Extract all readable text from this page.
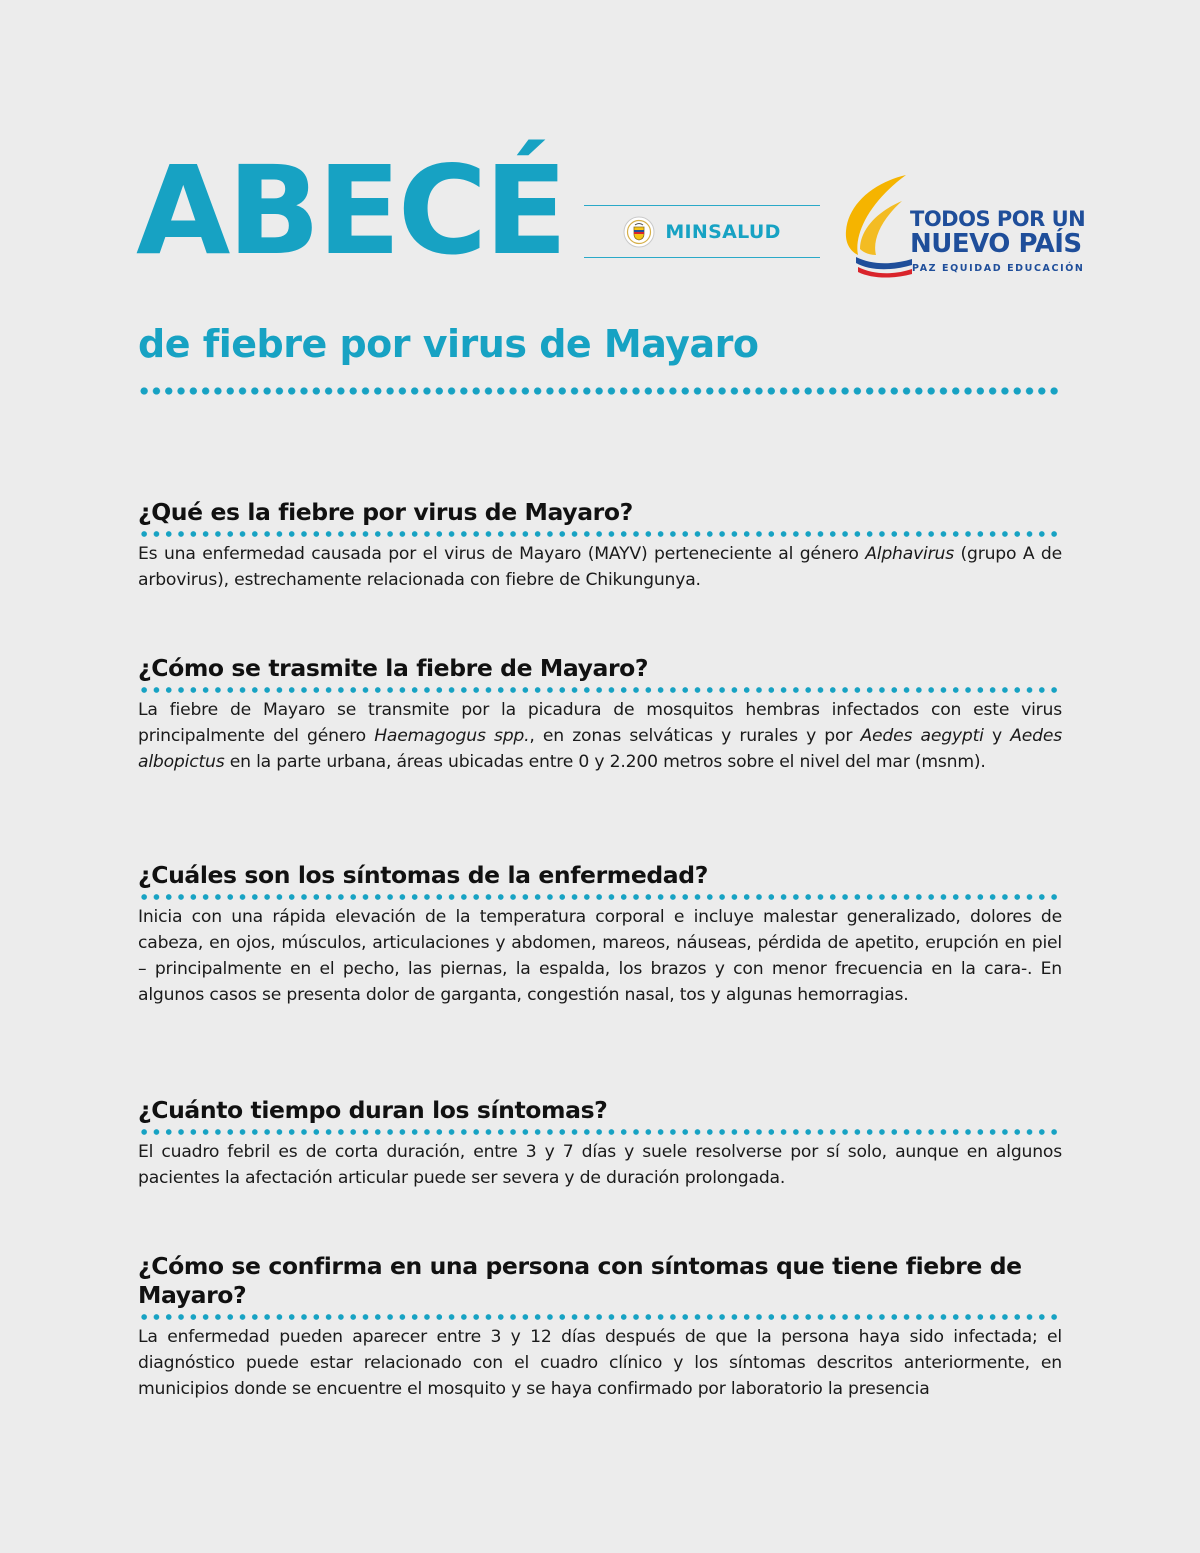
ABECÉ	MINSALUD
TODOS POR UN
NUEVO PAÍS
PAZ EQUIDAD EDUCACIÓN
de fiebre por virus de Mayaro
¿Qué es la fiebre por virus de Mayaro?

Es una enfermedad causada por el virus de Mayaro (MAYV) perteneciente al género Alphavirus (grupo A de arbovirus), estrechamente relacionada con fiebre de Chikungunya.

¿Cómo se trasmite la fiebre de Mayaro?

La fiebre de Mayaro se transmite por la picadura de mosquitos hembras infectados con este virus principalmente del género Haemagogus spp., en zonas selváticas y rurales y por Aedes aegypti y Aedes albopictus en la parte urbana, áreas ubicadas entre 0 y 2.200 metros sobre el nivel del mar (msnm).

¿Cuáles son los síntomas de la enfermedad?

Inicia con una rápida elevación de la temperatura corporal e incluye malestar generalizado, dolores de cabeza, en ojos, músculos, articulaciones y abdomen, mareos, náuseas, pérdida de apetito, erupción en piel – principalmente en el pecho, las piernas, la espalda, los brazos y con menor frecuencia en la cara-. En algunos casos se presenta dolor de garganta, congestión nasal, tos y algunas hemorragias.

¿Cuánto tiempo duran los síntomas?

El cuadro febril es de corta duración, entre 3 y 7 días y suele resolverse por sí solo, aunque en algunos pacientes la afectación articular puede ser severa y de duración prolongada.

¿Cómo se confirma en una persona con síntomas que tiene fiebre de Mayaro?

La enfermedad pueden aparecer entre 3 y 12 días después de que la persona haya sido infectada; el diagnóstico puede estar relacionado con el cuadro clínico y los síntomas descritos anteriormente, en municipios donde se encuentre el mosquito y se haya confirmado por laboratorio la presencia
